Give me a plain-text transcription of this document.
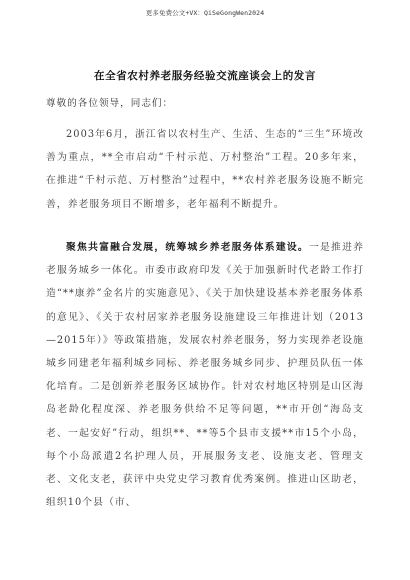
更多免费公文+VX：QiSeGongWen2024
在全省农村养老服务经验交流座谈会上的发言
尊敬的各位领导，同志们：
2003年6月，浙江省以农村生产、生活、生态的“三生”环境改善为重点，**全市启动“千村示范、万村整治”工程。20多年来，在推进“千村示范、万村整治”过程中，**农村养老服务设施不断完善，养老服务项目不断增多，老年福利不断提升。
聚焦共富融合发展，统筹城乡养老服务体系建设。一是推进养老服务城乡一体化。市委市政府印发《关于加强新时代老龄工作打造“**康养”金名片的实施意见》、《关于加快建设基本养老服务体系的意见》、《关于农村居家养老服务设施建设三年推进计划（2013—2015年）》等政策措施，发展农村养老服务，努力实现养老设施城乡同建老年福利城乡同标、养老服务城乡同步、护理员队伍一体化培育。二是创新养老服务区域协作。针对农村地区特别是山区海岛老龄化程度深、养老服务供给不足等问题，**市开创“海岛支老、一起安好”行动，组织**、**等5个县市支援**市15个小岛，每个小岛派遣2名护理人员，开展服务支老、设施支老、管理支老、文化支老，获评中央党史学习教育优秀案例。推进山区助老，组织10个县（市、
